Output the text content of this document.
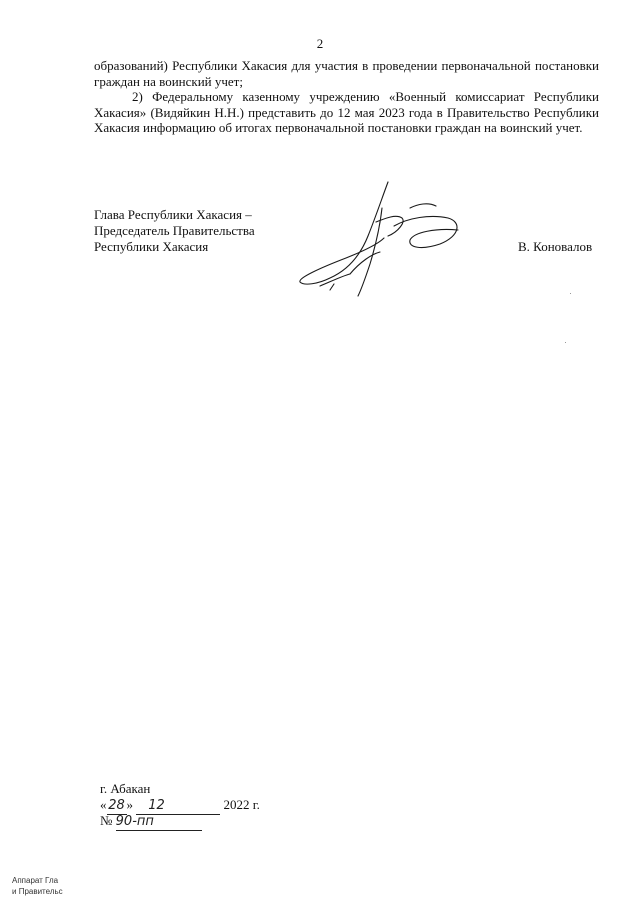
2

образований) Республики Хакасия для участия в проведении первоначальной постановки граждан на воинский учет;

2) Федеральному казенному учреждению «Военный комиссариат Республики Хакасия» (Видяйкин Н.Н.) представить до 12 мая 2023 года в Правительство Республики Хакасия информацию об итогах первоначальной постановки граждан на воинский учет.

Глава Республики Хакасия –
Председатель Правительства
Республики Хакасия	В. Коновалов
г. Абакан
« 28 » 12	2022 г.
№ 90-пп
Аппарат Гла
и Правительс
